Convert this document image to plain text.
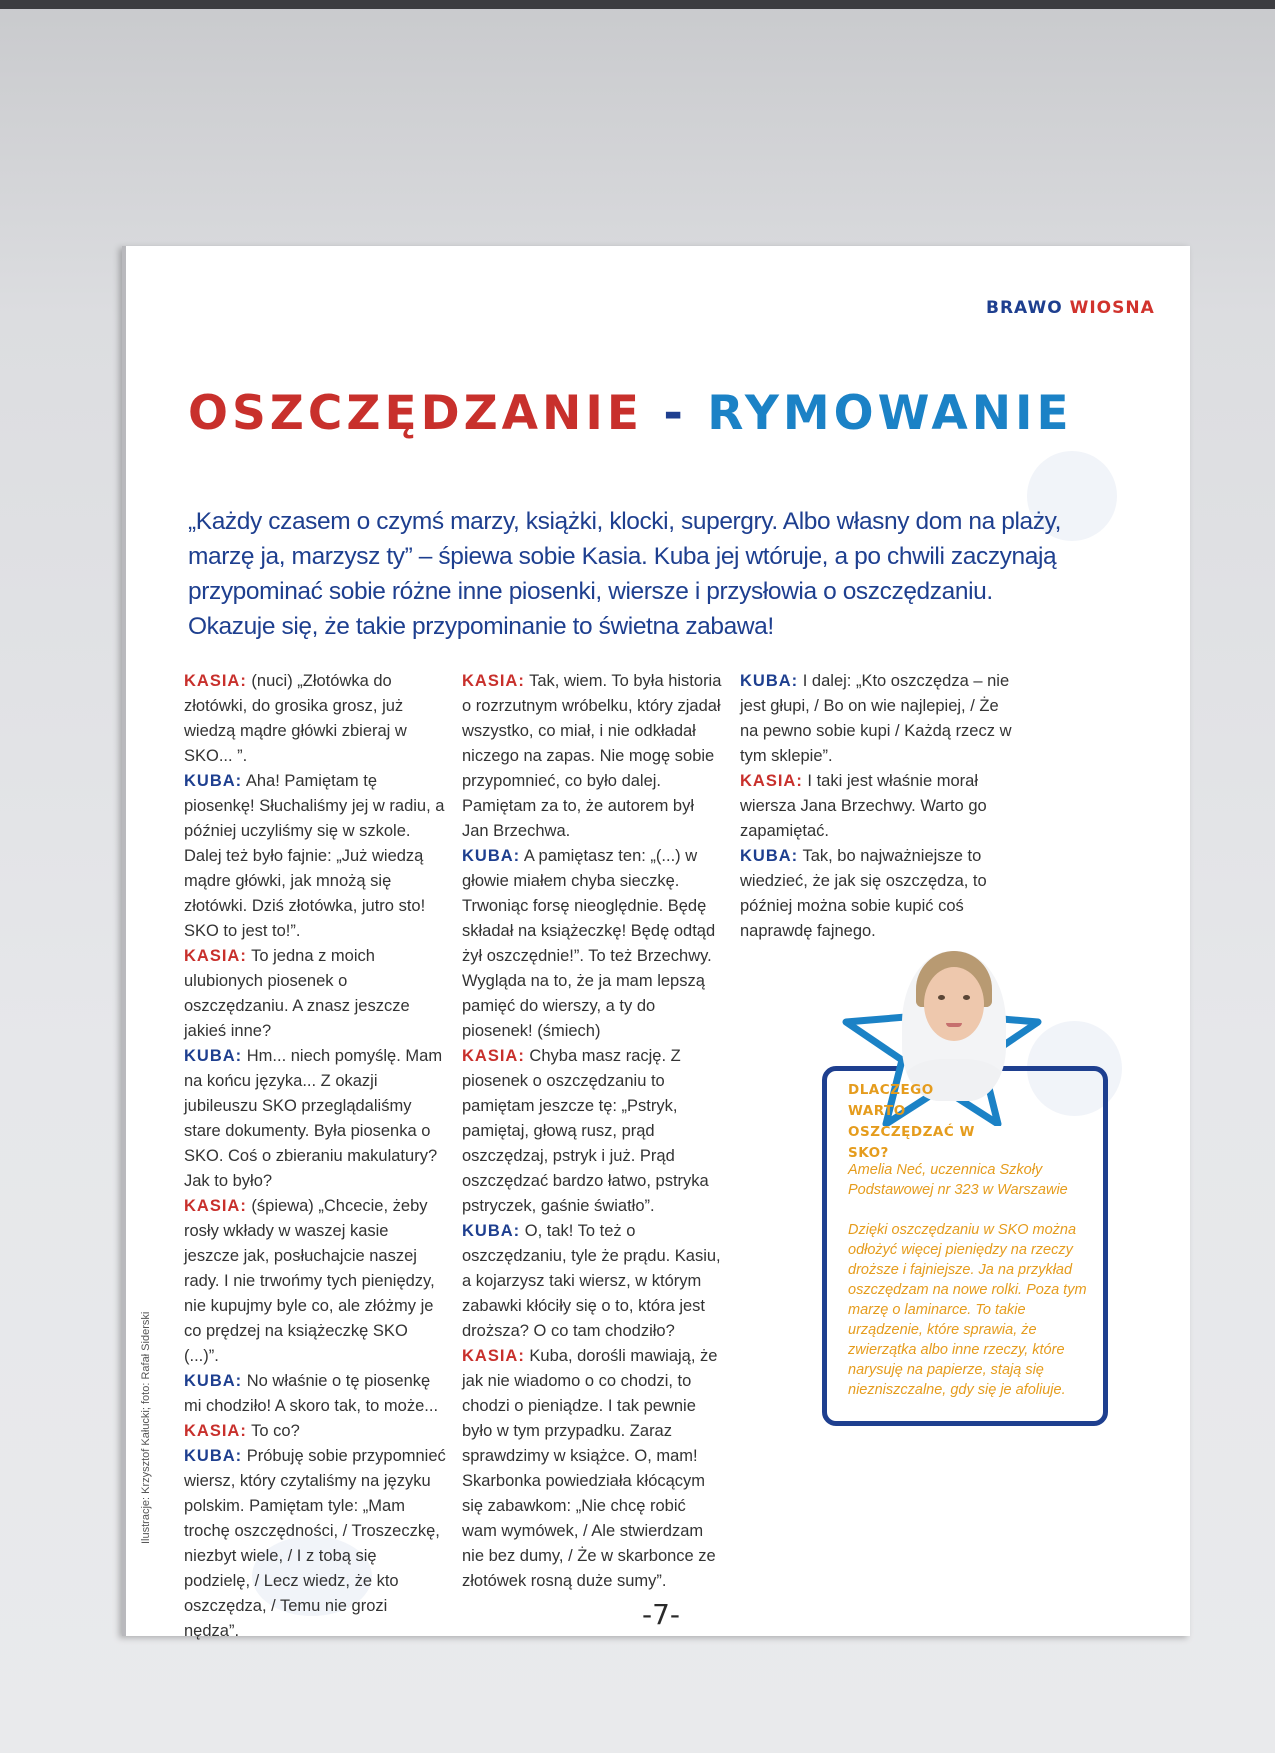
BRAWO WIOSNA
OSZCZĘDZANIE - RYMOWANIE
„Każdy czasem o czymś marzy, książki, klocki, supergry. Albo własny dom na plaży, marzę ja, marzysz ty” – śpiewa sobie Kasia. Kuba jej wtóruje, a po chwili zaczynają przypominać sobie różne inne piosenki, wiersze i przysłowia o oszczędzaniu. Okazuje się, że takie przypominanie to świetna zabawa!

KASIA: (nuci) „Złotówka do złotówki, do grosika grosz, już wiedzą mądre główki zbieraj w SKO... ”.

KUBA: Aha! Pamiętam tę piosenkę! Słuchaliśmy jej w radiu, a później uczyliśmy się w szkole. Dalej też było fajnie: „Już wiedzą mądre główki, jak mnożą się złotówki. Dziś złotówka, jutro sto! SKO to jest to!”.

KASIA: To jedna z moich ulubionych piosenek o oszczędzaniu. A znasz jeszcze jakieś inne?

KUBA: Hm... niech pomyślę. Mam na końcu języka... Z okazji jubileuszu SKO przeglądaliśmy stare dokumenty. Była piosenka o SKO. Coś o zbieraniu makulatury? Jak to było?

KASIA: (śpiewa) „Chcecie, żeby rosły wkłady w waszej kasie jeszcze jak, posłuchajcie naszej rady. I nie trwońmy tych pieniędzy, nie kupujmy byle co, ale złóżmy je co prędzej na książeczkę SKO (...)”.

KUBA: No właśnie o tę piosenkę mi chodziło! A skoro tak, to może...

KASIA: To co?

KUBA: Próbuję sobie przypomnieć wiersz, który czytaliśmy na języku polskim. Pamiętam tyle: „Mam trochę oszczędności, / Troszeczkę, niezbyt wiele, / I z tobą się podzielę, / Lecz wiedz, że kto oszczędza, / Temu nie grozi nędza”.

KASIA: Tak, wiem. To była historia o rozrzutnym wróbelku, który zjadał wszystko, co miał, i nie odkładał niczego na zapas. Nie mogę sobie przypomnieć, co było dalej. Pamiętam za to, że autorem był Jan Brzechwa.

KUBA: A pamiętasz ten: „(...) w głowie miałem chyba sieczkę. Trwoniąc forsę nieoględnie. Będę składał na książeczkę! Będę odtąd żył oszczędnie!”. To też Brzechwy. Wygląda na to, że ja mam lepszą pamięć do wierszy, a ty do piosenek! (śmiech)

KASIA: Chyba masz rację. Z piosenek o oszczędzaniu to pamiętam jeszcze tę: „Pstryk, pamiętaj, głową rusz, prąd oszczędzaj, pstryk i już. Prąd oszczędzać bardzo łatwo, pstryka pstryczek, gaśnie światło”.

KUBA: O, tak! To też o oszczędzaniu, tyle że prądu. Kasiu, a kojarzysz taki wiersz, w którym zabawki kłóciły się o to, która jest droższa? O co tam chodziło?

KASIA: Kuba, dorośli mawiają, że jak nie wiadomo o co chodzi, to chodzi o pieniądze. I tak pewnie było w tym przypadku. Zaraz sprawdzimy w książce. O, mam! Skarbonka powiedziała kłócącym się zabawkom: „Nie chcę robić wam wymówek, / Ale stwierdzam nie bez dumy, / Że w skarbonce ze złotówek rosną duże sumy”.

KUBA: I dalej: „Kto oszczędza – nie jest głupi, / Bo on wie najlepiej, / Że na pewno sobie kupi / Każdą rzecz w tym sklepie”.

KASIA: I taki jest właśnie morał wiersza Jana Brzechwy. Warto go zapamiętać.

KUBA: Tak, bo najważniejsze to wiedzieć, że jak się oszczędza, to później można sobie kupić coś naprawdę fajnego.

DLACZEGO WARTO OSZCZĘDZAĆ W SKO?
Amelia Neć, uczennica Szkoły Podstawowej nr 323 w Warszawie
Dzięki oszczędzaniu w SKO można odłożyć więcej pieniędzy na rzeczy droższe i fajniejsze. Ja na przykład oszczędzam na nowe rolki. Poza tym marzę o laminarce. To takie urządzenie, które sprawia, że zwierzątka albo inne rzeczy, które narysuję na papierze, stają się niezniszczalne, gdy się je afoliuje.
Ilustracje: Krzysztof Kałucki; foto: Rafał Siderski
-7-
